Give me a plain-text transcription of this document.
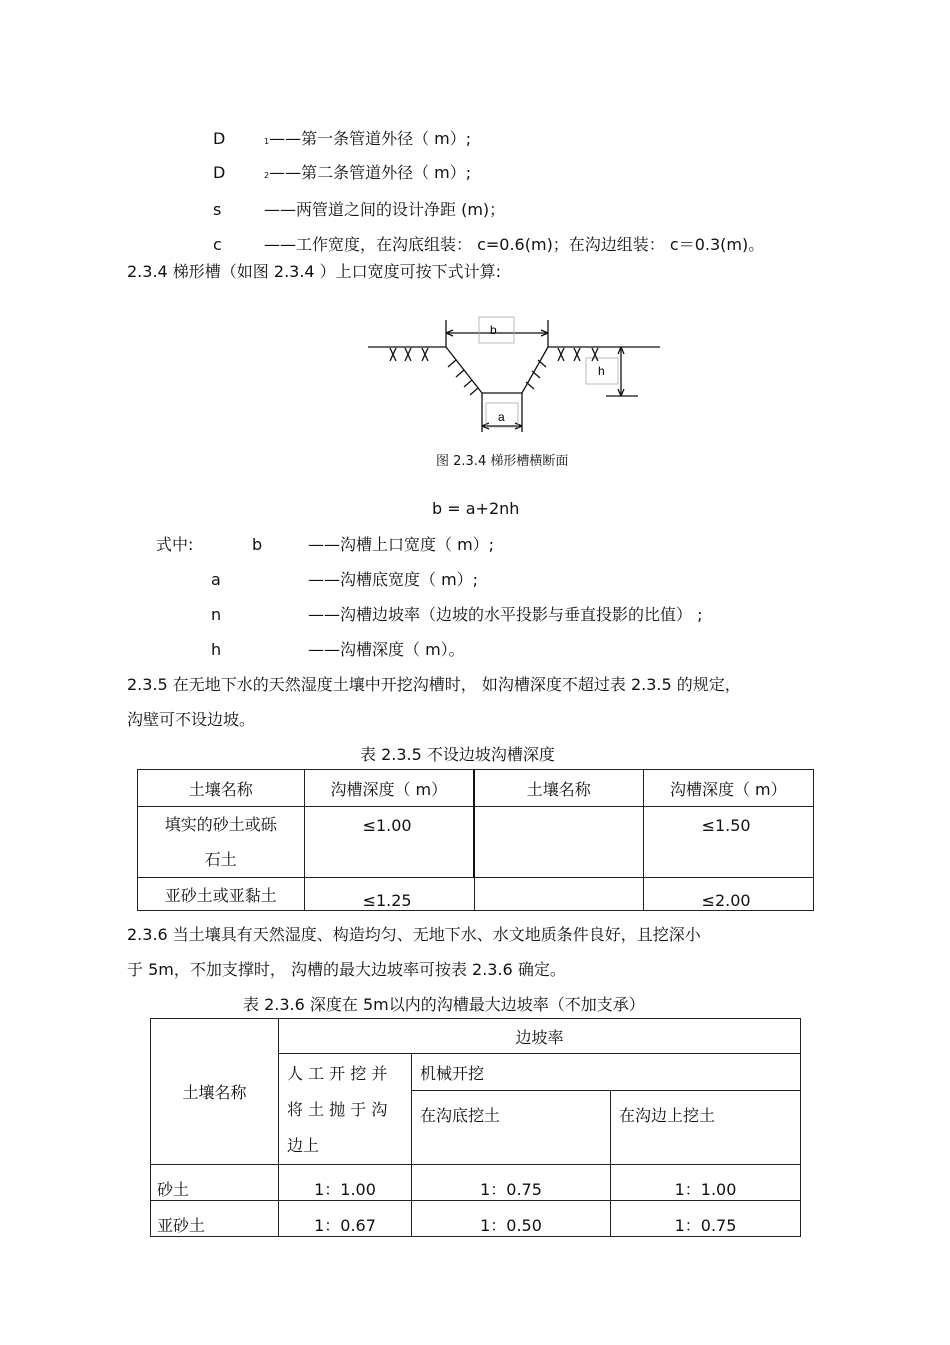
D	1——第一条管道外径（ m）;
D	2——第二条管道外径（ m）;
s	——两管道之间的设计净距 (m)；
c	——工作宽度，在沟底组装： c=0.6(m)；在沟边组装： c＝0.3(m)。
2.3.4 梯形槽（如图 2.3.4 ）上口宽度可按下式计算:
b
h
a
图 2.3.4 梯形槽横断面
b = a+2nh
式中:	b	——沟槽上口宽度（ m）;
a	——沟槽底宽度（ m）;
n	——沟槽边坡率（边坡的水平投影与垂直投影的比值） ;
h	——沟槽深度（ m）。
2.3.5 在无地下水的天然湿度土壤中开挖沟槽时， 如沟槽深度不超过表 2.3.5 的规定，
沟壁可不设边坡。
表 2.3.5 不设边坡沟槽深度
土壤名称	沟槽深度（ m）	土壤名称	沟槽深度（ m）

填实的砂土或砾
石土	≤1.00		≤1.50
亚砂土或亚黏土	≤1.25		≤2.00
2.3.6 当土壤具有天然湿度、构造均匀、无地下水、水文地质条件良好，且挖深小
于 5m，不加支撑时， 沟槽的最大边坡率可按表 2.3.6 确定。
表 2.3.6 深度在 5m以内的沟槽最大边坡率（不加支承）
土壤名称	边坡率		

	人 工 开 挖 并
将 土 抛 于 沟
边上	机械开挖	
		在沟底挖土	在沟边上挖土
砂土	1：1.00	1：0.75	1：1.00
亚砂土	1：0.67	1：0.50	1：0.75
